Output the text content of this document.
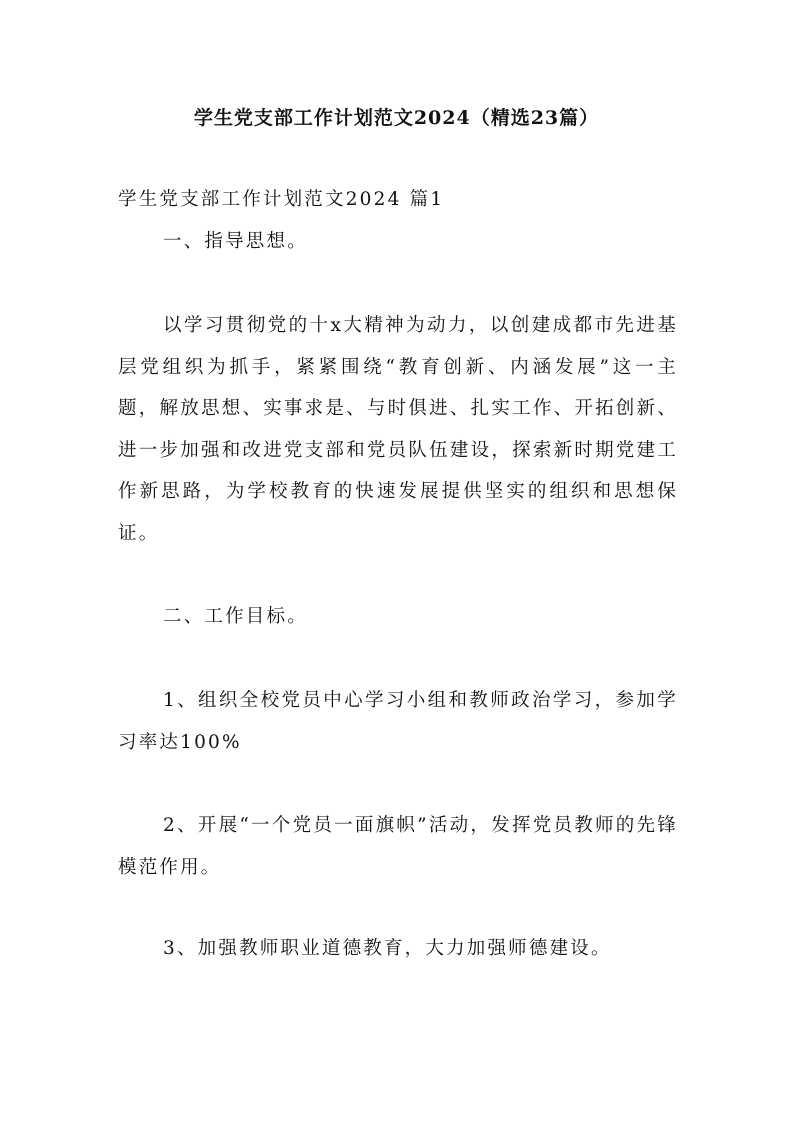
学生党支部工作计划范文2024（精选23篇）
学生党支部工作计划范文2024 篇1
一、指导思想。
以学习贯彻党的十x大精神为动力，以创建成都市先进基层党组织为抓手，紧紧围绕“教育创新、内涵发展”这一主题，解放思想、实事求是、与时俱进、扎实工作、开拓创新、进一步加强和改进党支部和党员队伍建设，探索新时期党建工作新思路，为学校教育的快速发展提供坚实的组织和思想保证。
二、工作目标。
1、组织全校党员中心学习小组和教师政治学习，参加学习率达100%
2、开展“一个党员一面旗帜”活动，发挥党员教师的先锋模范作用。
3、加强教师职业道德教育，大力加强师德建设。
